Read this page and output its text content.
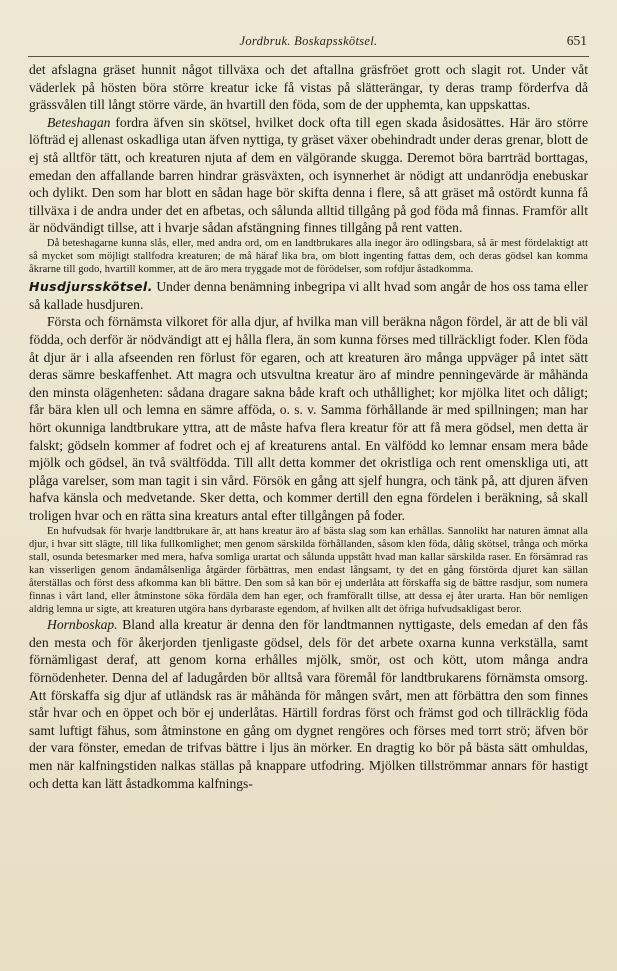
Jordbruk. Boskapsskötsel.	651

det afslagna gräset hunnit något tillväxa och det aftallna gräsfröet grott och slagit rot. Under våt väderlek på hösten böra större kreatur icke få vistas på slätterängar, ty deras tramp förderfva då grässvålen till långt större värde, än hvartill den föda, som de der upphemta, kan uppskattas.

Beteshagan fordra äfven sin skötsel, hvilket dock ofta till egen skada åsidosättes. Här äro större löfträd ej allenast oskadliga utan äfven nyttiga, ty gräset växer obehindradt under deras grenar, blott de ej stå alltför tätt, och kreaturen njuta af dem en välgörande skugga. Deremot böra barrträd borttagas, emedan den affallande barren hindrar gräsväxten, och isynnerhet är nödigt att undanrödja enebuskar och dylikt. Den som har blott en sådan hage bör skifta denna i flere, så att gräset må ostördt kunna få tillväxa i de andra under det en afbetas, och sålunda alltid tillgång på god föda må finnas. Framför allt är nödvändigt tillse, att i hvarje sådan afstängning finnes tillgång på rent vatten.

Då beteshagarne kunna slås, eller, med andra ord, om en landtbrukares alla inegor äro odlingsbara, så är mest fördelaktigt att så mycket som möjligt stallfodra kreaturen; de må häraf lika bra, om blott ingenting fattas dem, och deras gödsel kan komma åkrarne till godo, hvartill kommer, att de äro mera tryggade mot de förödelser, som rofdjur åstadkomma.

Husdjursskötsel. Under denna benämning inbegripa vi allt hvad som angår de hos oss tama eller så kallade husdjuren.

Första och förnämsta vilkoret för alla djur, af hvilka man vill beräkna någon fördel, är att de bli väl födda, och derför är nödvändigt att ej hålla flera, än som kunna förses med tillräckligt foder. Klen föda åt djur är i alla afseenden ren förlust för egaren, och att kreaturen äro många uppväger på intet sätt deras sämre beskaffenhet. Att magra och utsvultna kreatur äro af mindre penningevärde är måhända den minsta olägenheten: sådana dragare sakna både kraft och uthållighet; kor mjölka litet och dåligt; får bära klen ull och lemna en sämre afföda, o. s. v. Samma förhållande är med spillningen; man har hört okunniga landtbrukare yttra, att de måste hafva flera kreatur för att få mera gödsel, men detta är falskt; gödseln kommer af fodret och ej af kreaturens antal. En välfödd ko lemnar ensam mera både mjölk och gödsel, än två svältfödda. Till allt detta kommer det okristliga och rent omenskliga uti, att plåga varelser, som man tagit i sin vård. Försök en gång att sjelf hungra, och tänk på, att djuren äfven hafva känsla och medvetande. Sker detta, och kommer dertill den egna fördelen i beräkning, så skall troligen hvar och en rätta sina kreaturs antal efter tillgången på foder.

En hufvudsak för hvarje landtbrukare är, att hans kreatur äro af bästa slag som kan erhållas. Sannolikt har naturen ämnat alla djur, i hvar sitt slägte, till lika fullkomlighet; men genom särskilda förhållanden, såsom klen föda, dålig skötsel, trånga och mörka stall, osunda betesmarker med mera, hafva somliga urartat och sålunda uppstått hvad man kallar särskilda raser. En försämrad ras kan visserligen genom ändamålsenliga åtgärder förbättras, men endast långsamt, ty det en gång förstörda djuret kan sällan återställas och först dess afkomma kan bli bättre. Den som så kan bör ej underlåta att förskaffa sig de bättre rasdjur, som numera finnas i vårt land, eller åtminstone söka fördäla dem han eger, och framförallt tillse, att dessa ej åter urarta. Han bör nemligen aldrig lemna ur sigte, att kreaturen utgöra hans dyrbaraste egendom, af hvilken allt det öfriga hufvudsakligast beror.

Hornboskap. Bland alla kreatur är denna den för landtmannen nyttigaste, dels emedan af den fås den mesta och för åkerjorden tjenligaste gödsel, dels för det arbete oxarna kunna verkställa, samt förnämligast deraf, att genom korna erhålles mjölk, smör, ost och kött, utom många andra förnödenheter. Denna del af ladugården bör alltså vara föremål för landtbrukarens förnämsta omsorg. Att förskaffa sig djur af utländsk ras är måhända för mången svårt, men att förbättra den som finnes står hvar och en öppet och bör ej underlåtas. Härtill fordras först och främst god och tillräcklig föda samt luftigt fähus, som åtminstone en gång om dygnet rengöres och förses med torrt strö; äfven bör der vara fönster, emedan de trifvas bättre i ljus än mörker. En dragtig ko bör på bästa sätt omhuldas, men när kalfningstiden nalkas ställas på knappare utfodring. Mjölken tillströmmar annars för hastigt och detta kan lätt åstadkomma kalfnings-
